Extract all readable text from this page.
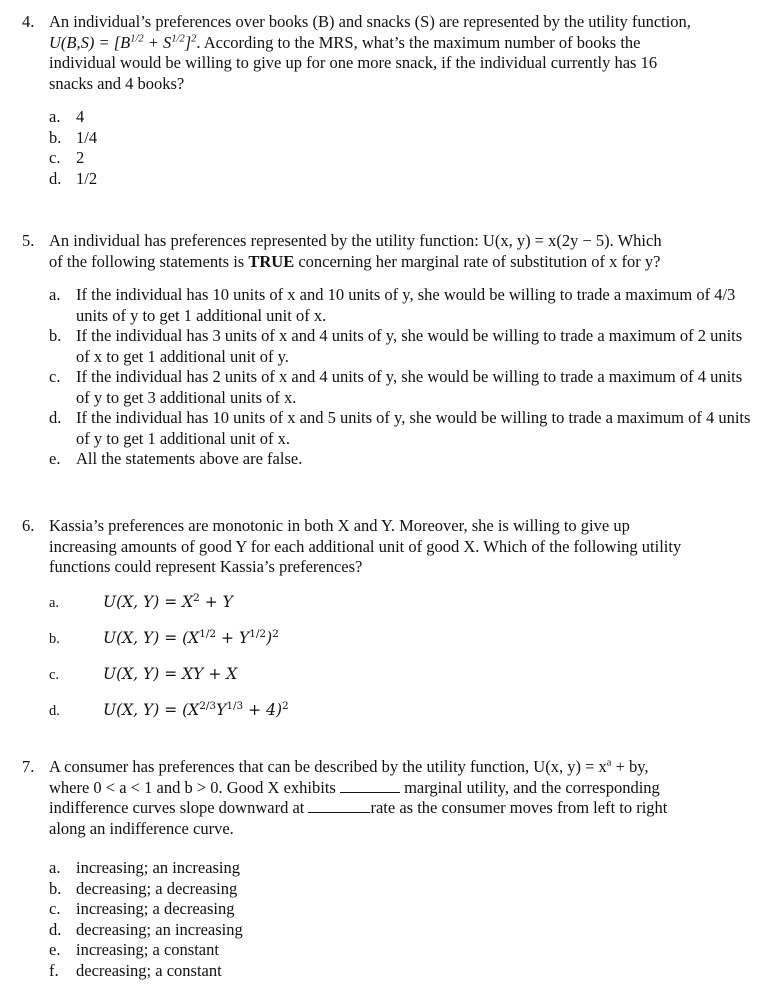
4. An individual’s preferences over books (B) and snacks (S) are represented by the utility function,
$U(B,S) = [B^{1/2} + S^{1/2}]^2$. According to the MRS, what’s the maximum number of books the
individual would be willing to give up for one more snack, if the individual currently has 16
snacks and 4 books?
a. 4
b. 1/4
c. 2
d. 1/2
5. An individual has preferences represented by the utility function: U(x, y) = x(2y − 5). Which
of the following statements is TRUE concerning her marginal rate of substitution of x for y?
a. If the individual has 10 units of x and 10 units of y, she would be willing to trade a maximum of 4/3 units of y to get 1 additional unit of x.
b. If the individual has 3 units of x and 4 units of y, she would be willing to trade a maximum of 2 units of x to get 1 additional unit of y.
c. If the individual has 2 units of x and 4 units of y, she would be willing to trade a maximum of 4 units of y to get 3 additional units of x.
d. If the individual has 10 units of x and 5 units of y, she would be willing to trade a maximum of 4 units of y to get 1 additional unit of x.
e. All the statements above are false.
6. Kassia’s preferences are monotonic in both X and Y. Moreover, she is willing to give up
increasing amounts of good Y for each additional unit of good X. Which of the following utility
functions could represent Kassia’s preferences?
a.	U(X, $Y) = X^2 + Y$
b.	U(X, $Y) = (X^{1/2} + Y^{1/2})^2$
c.	U(X, Y) = XY + X
d.	U(X, $Y) = (X^{2/3}Y^{1/3} + 4)^2$
7. A consumer has preferences that can be described by the utility function, U(x, $y) = x^a$ + by,
where 0 < a < 1 and b > 0. Good X exhibits	marginal utility, and the corresponding
indifference curves slope downward at	rate as the consumer moves from left to right
along an indifference curve.
a. increasing; an increasing
b. decreasing; a decreasing
c. increasing; a decreasing
d. decreasing; an increasing
e. increasing; a constant
f.	decreasing; a constant
